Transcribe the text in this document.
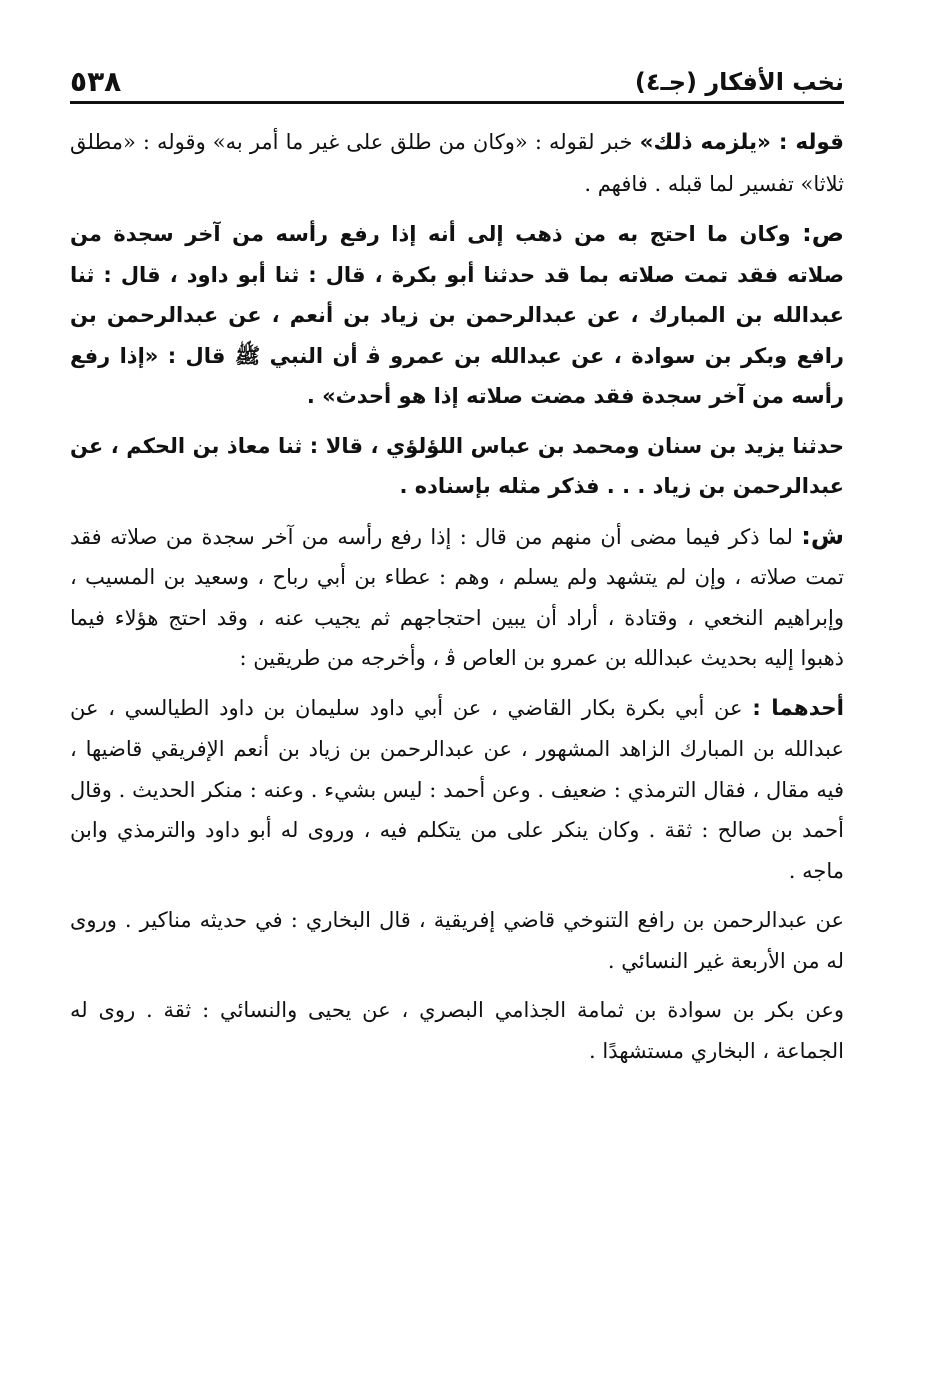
نخب الأفكار (جـ٤)
٥٣٨

قوله : «يلزمه ذلك» خبر لقوله : «وكان من طلق على غير ما أمر به» وقوله : «مطلق ثلاثا» تفسير لما قبله . فافهم .

ص: وكان ما احتج به من ذهب إلى أنه إذا رفع رأسه من آخر سجدة من صلاته فقد تمت صلاته بما قد حدثنا أبو بكرة ، قال : ثنا أبو داود ، قال : ثنا عبدالله بن المبارك ، عن عبدالرحمن بن زياد بن أنعم ، عن عبدالرحمن بن رافع وبكر بن سوادة ، عن عبدالله بن عمرو ﭬ أن النبي ﷺ قال : «إذا رفع رأسه من آخر سجدة فقد مضت صلاته إذا هو أحدث» .

حدثنا يزيد بن سنان ومحمد بن عباس اللؤلؤي ، قالا : ثنا معاذ بن الحكم ، عن عبدالرحمن بن زياد . . . فذكر مثله بإسناده .

ش: لما ذكر فيما مضى أن منهم من قال : إذا رفع رأسه من آخر سجدة من صلاته فقد تمت صلاته ، وإن لم يتشهد ولم يسلم ، وهم : عطاء بن أبي رباح ، وسعيد بن المسيب ، وإبراهيم النخعي ، وقتادة ، أراد أن يبين احتجاجهم ثم يجيب عنه ، وقد احتج هؤلاء فيما ذهبوا إليه بحديث عبدالله بن عمرو بن العاص ﭬ ، وأخرجه من طريقين :

أحدهما : عن أبي بكرة بكار القاضي ، عن أبي داود سليمان بن داود الطيالسي ، عن عبدالله بن المبارك الزاهد المشهور ، عن عبدالرحمن بن زياد بن أنعم الإفريقي قاضيها ، فيه مقال ، فقال الترمذي : ضعيف . وعن أحمد : ليس بشيء . وعنه : منكر الحديث . وقال أحمد بن صالح : ثقة . وكان ينكر على من يتكلم فيه ، وروى له أبو داود والترمذي وابن ماجه .

عن عبدالرحمن بن رافع التنوخي قاضي إفريقية ، قال البخاري : في حديثه مناكير . وروى له من الأربعة غير النسائي .

وعن بكر بن سوادة بن ثمامة الجذامي البصري ، عن يحيى والنسائي : ثقة . روى له الجماعة ، البخاري مستشهدًا .
